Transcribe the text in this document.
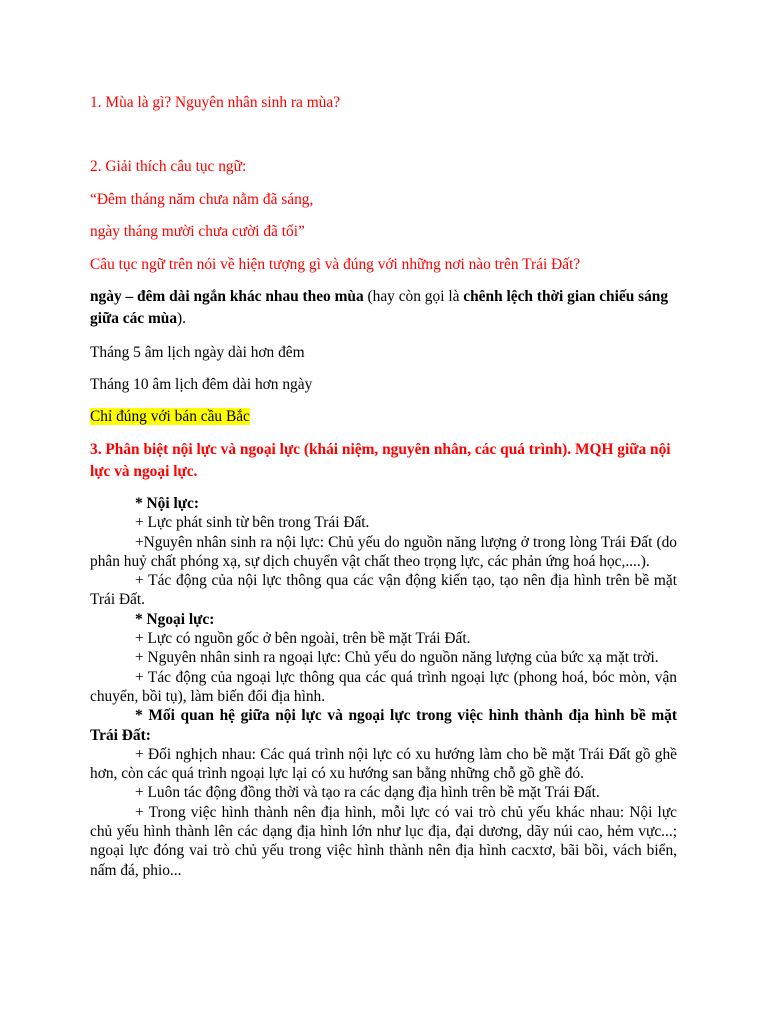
1. Mùa là gì? Nguyên nhân sinh ra mùa?

2. Giải thích câu tục ngữ:

“Đêm tháng năm chưa nằm đã sáng,

ngày tháng mười chưa cười đã tối”

Câu tục ngữ trên nói về hiện tượng gì và đúng với những nơi nào trên Trái Đất?

ngày – đêm dài ngắn khác nhau theo mùa (hay còn gọi là chênh lệch thời gian chiếu sáng giữa các mùa).

Tháng 5 âm lịch ngày dài hơn đêm

Tháng 10 âm lịch đêm dài hơn ngày

Chỉ đúng với bán cầu Bắc

3. Phân biệt nội lực và ngoại lực (khái niệm, nguyên nhân, các quá trình). MQH giữa nội lực và ngoại lực.

* Nội lực:
+ Lực phát sinh từ bên trong Trái Đất.
+Nguyên nhân sinh ra nội lực: Chủ yếu do nguồn năng lượng ở trong lòng Trái Đất (do phân huỷ chất phóng xạ, sự dịch chuyển vật chất theo trọng lực, các phản ứng hoá học,....).
+ Tác động của nội lực thông qua các vận động kiến tạo, tạo nên địa hình trên bề mặt Trái Đất.
* Ngoại lực:
+ Lực có nguồn gốc ở bên ngoài, trên bề mặt Trái Đất.
+ Nguyên nhân sinh ra ngoại lực: Chủ yếu do nguồn năng lượng của bức xạ mặt trời.
+ Tác động của ngoại lực thông qua các quá trình ngoại lực (phong hoá, bóc mòn, vận chuyển, bồi tụ), làm biến đổi địa hình.
* Mối quan hệ giữa nội lực và ngoại lực trong việc hình thành địa hình bề mặt Trái Đất:
+ Đối nghịch nhau: Các quá trình nội lực có xu hướng làm cho bề mặt Trái Đất gồ ghề hơn, còn các quá trình ngoại lực lại có xu hướng san bằng những chỗ gồ ghề đó.
+ Luôn tác động đồng thời và tạo ra các dạng địa hình trên bề mặt Trái Đất.
+ Trong việc hình thành nên địa hình, mỗi lực có vai trò chủ yếu khác nhau: Nội lực chủ yếu hình thành lên các dạng địa hình lớn như lục địa, đại dương, dãy núi cao, hẻm vực...; ngoại lực đóng vai trò chủ yếu trong việc hình thành nên địa hình cacxtơ, bãi bồi, vách biển, nấm đá, phio...
